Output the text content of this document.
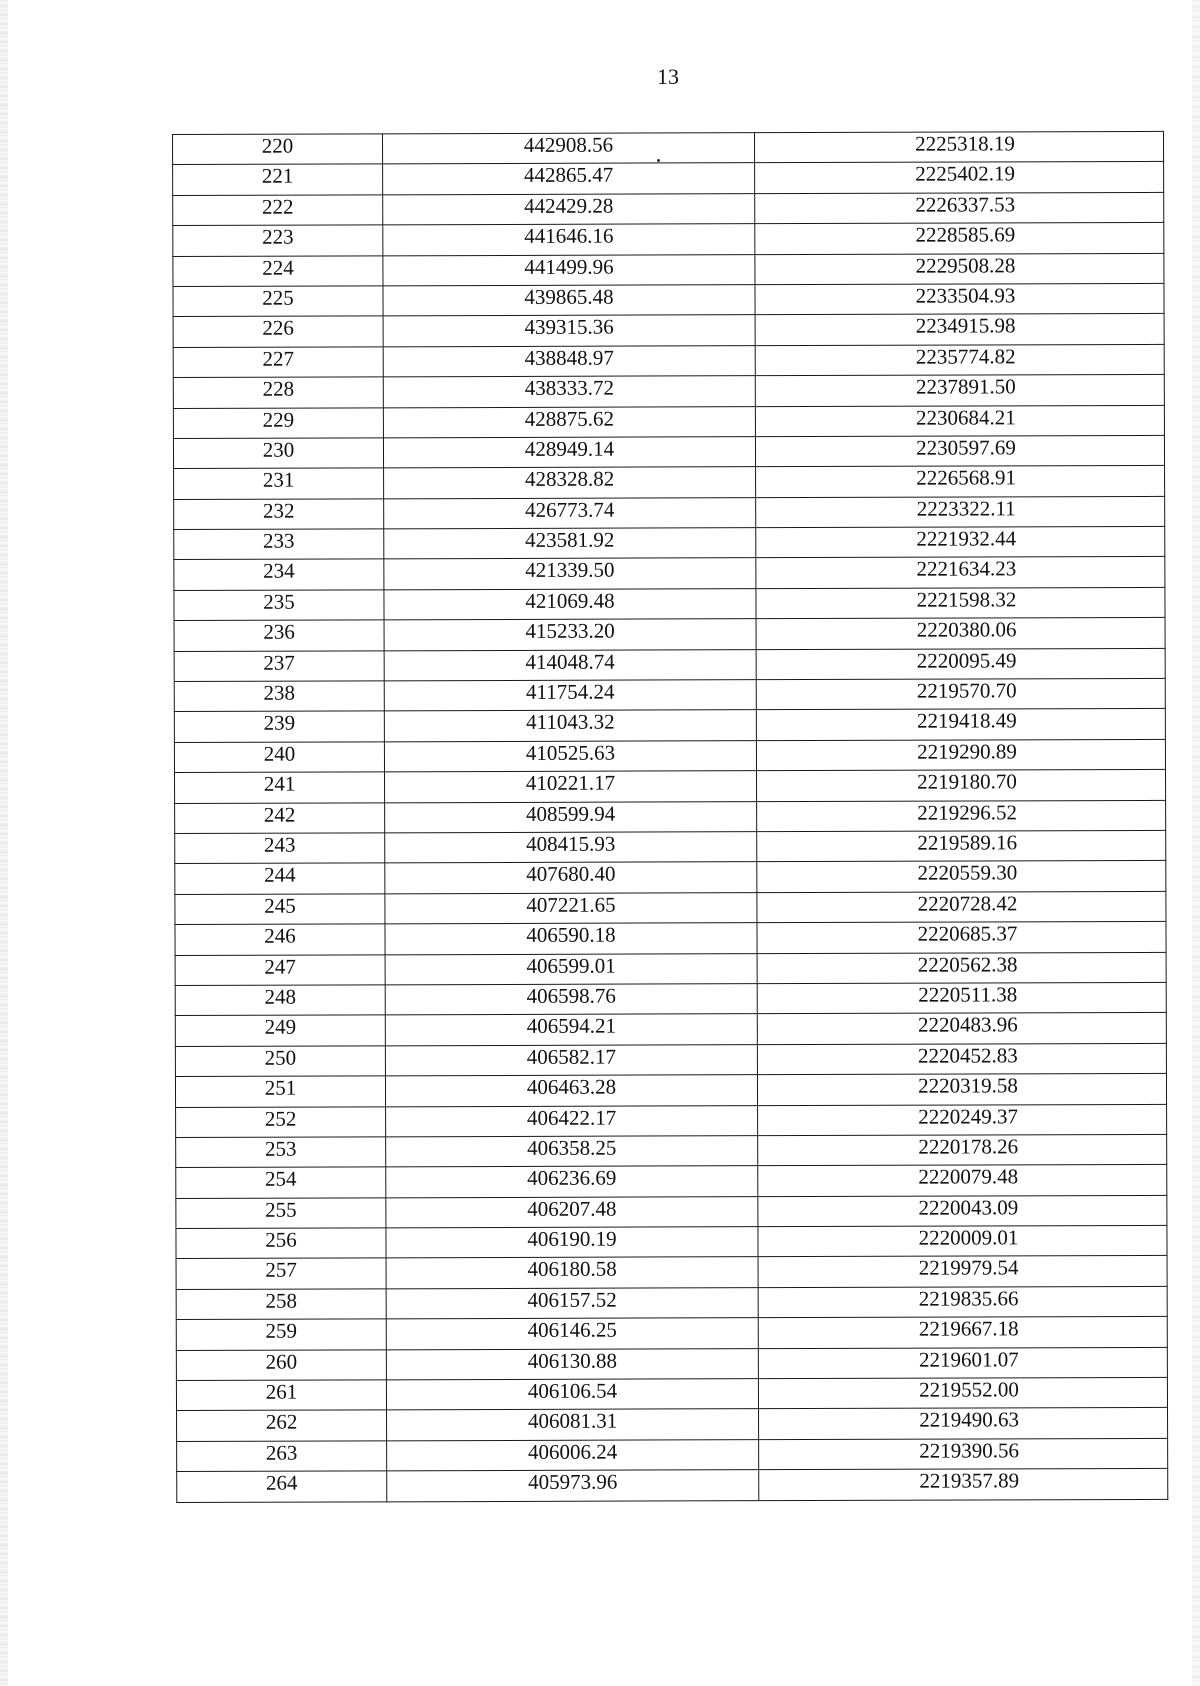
13
220	442908.56	2225318.19
221	442865.47	2225402.19
222	442429.28	2226337.53
223	441646.16	2228585.69
224	441499.96	2229508.28
225	439865.48	2233504.93
226	439315.36	2234915.98
227	438848.97	2235774.82
228	438333.72	2237891.50
229	428875.62	2230684.21
230	428949.14	2230597.69
231	428328.82	2226568.91
232	426773.74	2223322.11
233	423581.92	2221932.44
234	421339.50	2221634.23
235	421069.48	2221598.32
236	415233.20	2220380.06
237	414048.74	2220095.49
238	411754.24	2219570.70
239	411043.32	2219418.49
240	410525.63	2219290.89
241	410221.17	2219180.70
242	408599.94	2219296.52
243	408415.93	2219589.16
244	407680.40	2220559.30
245	407221.65	2220728.42
246	406590.18	2220685.37
247	406599.01	2220562.38
248	406598.76	2220511.38
249	406594.21	2220483.96
250	406582.17	2220452.83
251	406463.28	2220319.58
252	406422.17	2220249.37
253	406358.25	2220178.26
254	406236.69	2220079.48
255	406207.48	2220043.09
256	406190.19	2220009.01
257	406180.58	2219979.54
258	406157.52	2219835.66
259	406146.25	2219667.18
260	406130.88	2219601.07
261	406106.54	2219552.00
262	406081.31	2219490.63
263	406006.24	2219390.56
264	405973.96	2219357.89
